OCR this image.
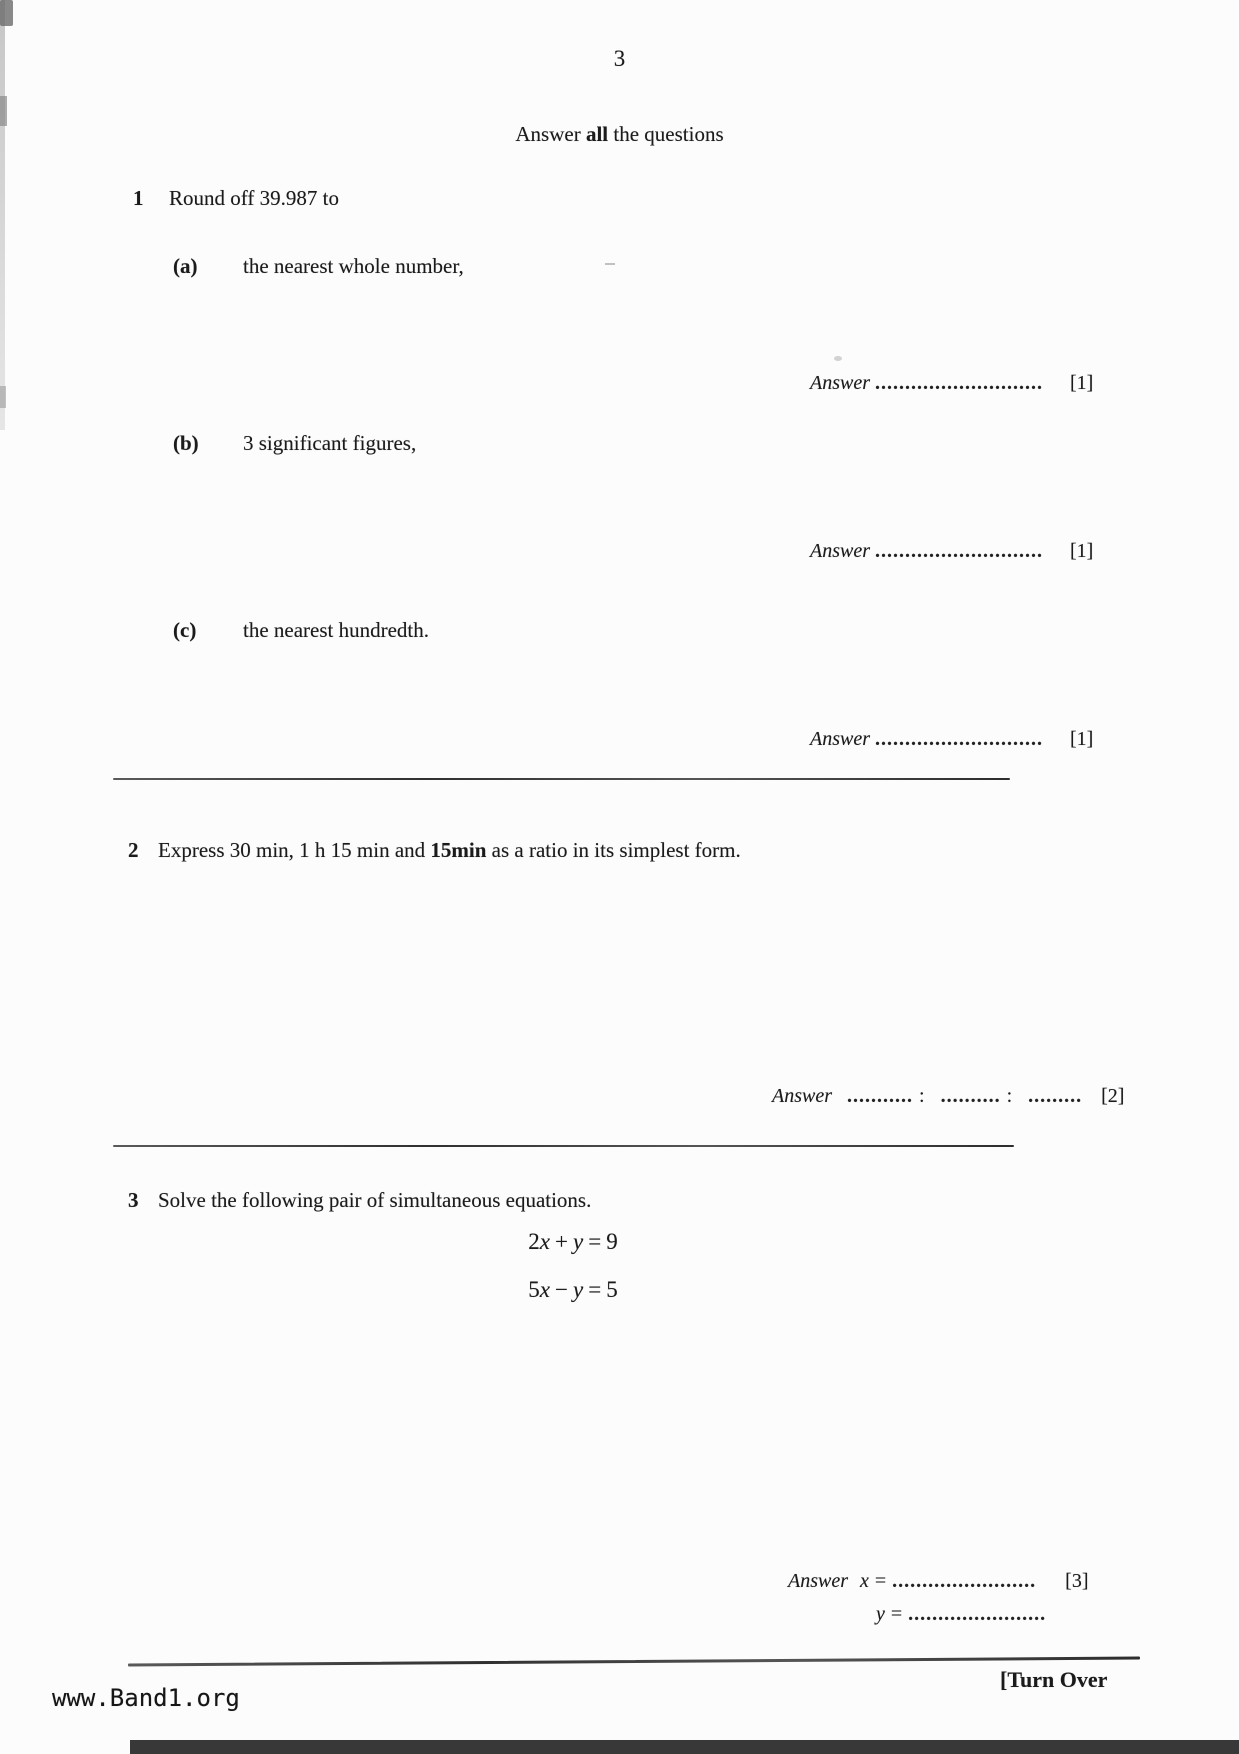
3
Answer all the questions
1 Round off 39.987 to
(a) the nearest whole number,
Answer ............................ [1]
(b) 3 significant figures,
Answer ............................ [1]
(c) the nearest hundredth.
Answer ............................ [1]
2 Express 30 min, 1 h 15 min and 15min as a ratio in its simplest form.
Answer ........... : .......... : ......... [2]
3 Solve the following pair of simultaneous equations.
2x + y = 9
5x − y = 5
Answer x = ........................ [3]
y = .......................
[Turn Over
www.Band1.org
